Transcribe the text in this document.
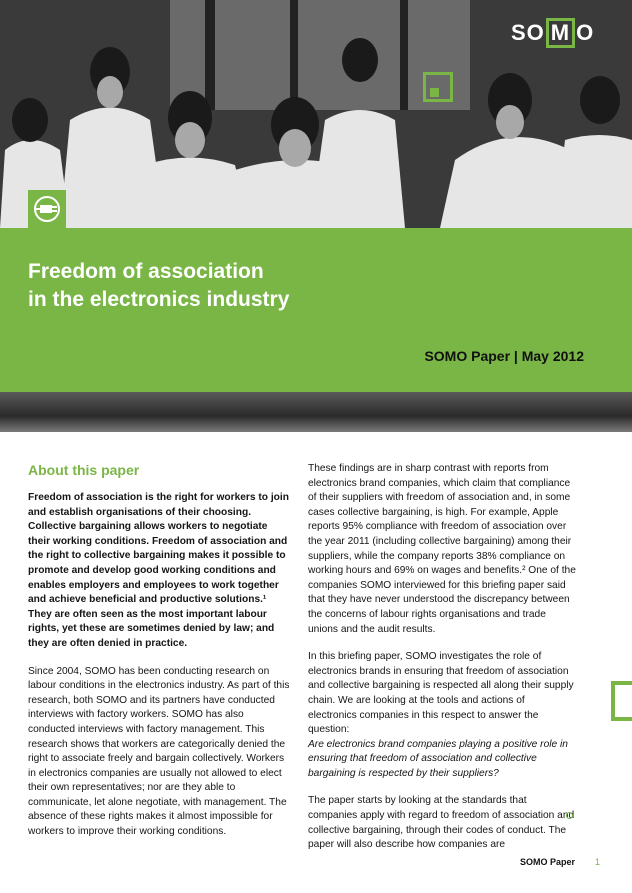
SO M O
Freedom of association
in the electronics industry
SOMO Paper | May 2012
About this paper

Freedom of association is the right for workers to join and establish organisations of their choosing. Collective bargaining allows workers to negotiate their working conditions. Freedom of association and the right to collective bargaining makes it possible to promote and develop good working conditions and enables employers and employees to work together and achieve beneficial and productive solutions.¹ They are often seen as the most important labour rights, yet these are sometimes denied by law; and they are often denied in practice.

Since 2004, SOMO has been conducting research on labour conditions in the electronics industry. As part of this research, both SOMO and its partners have conducted interviews with factory workers. SOMO has also conducted interviews with factory management. This research shows that workers are categorically denied the right to associate freely and bargain collectively. Workers in electronics companies are usually not allowed to elect their own representatives; nor are they able to communicate, let alone negotiate, with management. The absence of these rights makes it almost impossible for workers to improve their working conditions.

These findings are in sharp contrast with reports from electronics brand companies, which claim that compliance of their suppliers with freedom of association and, in some cases collective bargaining, is high. For example, Apple reports 95% compliance with freedom of association over the year 2011 (including collective bargaining) among their suppliers, while the company reports 38% compliance on working hours and 69% on wages and benefits.² One of the companies SOMO interviewed for this briefing paper said that they have never understood the discrepancy between the concerns of labour rights organisations and trade unions and the audit results.

In this briefing paper, SOMO investigates the role of electronics brands in ensuring that freedom of association and collective bargaining is respected all along their supply chain. We are looking at the tools and actions of electronics companies in this respect to answer the question:
Are electronics brand companies playing a positive role in ensuring that freedom of association and collective bargaining is respected by their suppliers?

The paper starts by looking at the standards that companies apply with regard to freedom of association and collective bargaining, through their codes of conduct. The paper will also describe how companies are

SOMO Paper 1
